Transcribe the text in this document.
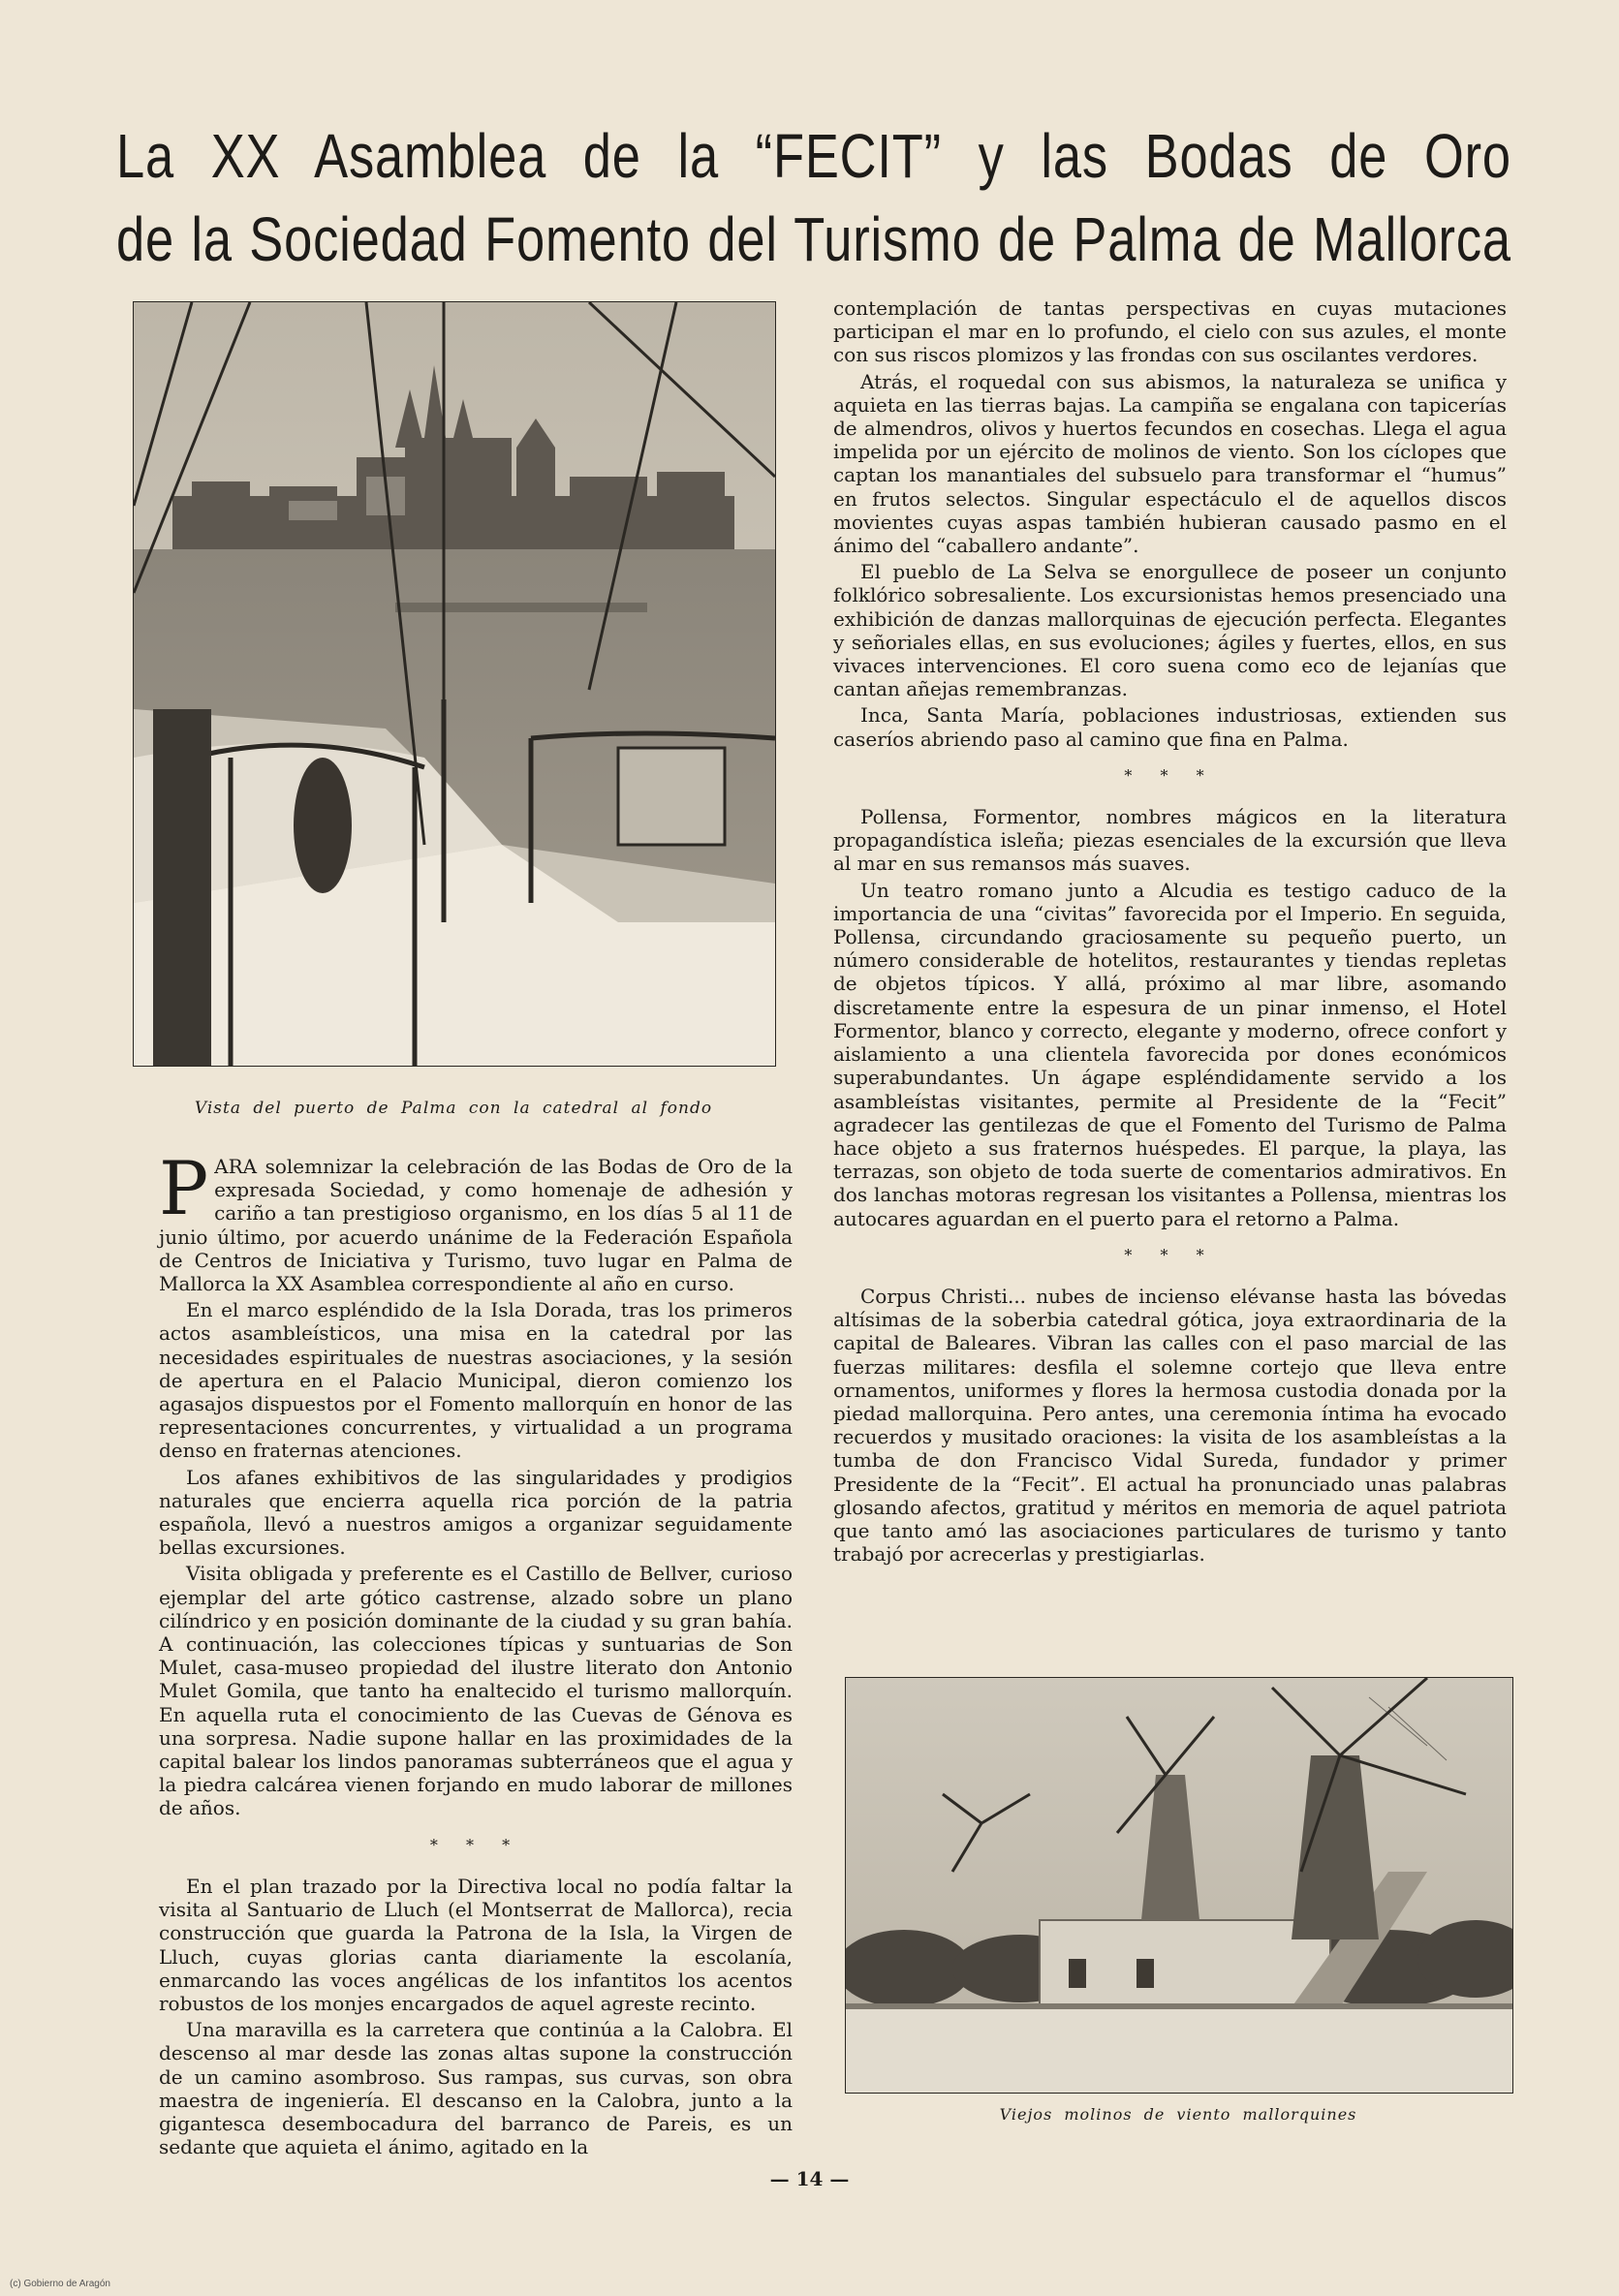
La XX Asamblea de la “FECIT” y las Bodas de Oro
de la Sociedad Fomento del Turismo de Palma de Mallorca
Vista del puerto de Palma con la catedral al fondo

PARA solemnizar la celebración de las Bodas de Oro de la expresada Sociedad, y como homenaje de adhesión y cariño a tan prestigioso organismo, en los días 5 al 11 de junio último, por acuerdo unánime de la Federación Española de Centros de Iniciativa y Turismo, tuvo lugar en Palma de Mallorca la XX Asamblea correspondiente al año en curso.

En el marco espléndido de la Isla Dorada, tras los primeros actos asambleísticos, una misa en la catedral por las necesidades espirituales de nuestras asociaciones, y la sesión de apertura en el Palacio Municipal, dieron comienzo los agasajos dispuestos por el Fomento mallorquín en honor de las representaciones concurrentes, y virtualidad a un programa denso en fraternas atenciones.

Los afanes exhibitivos de las singularidades y prodigios naturales que encierra aquella rica porción de la patria española, llevó a nuestros amigos a organizar seguidamente bellas excursiones.

Visita obligada y preferente es el Castillo de Bellver, curioso ejemplar del arte gótico castrense, alzado sobre un plano cilíndrico y en posición dominante de la ciudad y su gran bahía. A continuación, las colecciones típicas y suntuarias de Son Mulet, casa-museo propiedad del ilustre literato don Antonio Mulet Gomila, que tanto ha enaltecido el turismo mallorquín. En aquella ruta el conocimiento de las Cuevas de Génova es una sorpresa. Nadie supone hallar en las proximidades de la capital balear los lindos panoramas subterráneos que el agua y la piedra calcárea vienen forjando en mudo laborar de millones de años.

* * *

En el plan trazado por la Directiva local no podía faltar la visita al Santuario de Lluch (el Montserrat de Mallorca), recia construcción que guarda la Patrona de la Isla, la Virgen de Lluch, cuyas glorias canta diariamente la escolanía, enmarcando las voces angélicas de los infantitos los acentos robustos de los monjes encargados de aquel agreste recinto.

Una maravilla es la carretera que continúa a la Calobra. El descenso al mar desde las zonas altas supone la construcción de un camino asombroso. Sus rampas, sus curvas, son obra maestra de ingeniería. El descanso en la Calobra, junto a la gigantesca desembocadura del barranco de Pareis, es un sedante que aquieta el ánimo, agitado en la

contemplación de tantas perspectivas en cuyas mutaciones participan el mar en lo profundo, el cielo con sus azules, el monte con sus riscos plomizos y las frondas con sus oscilantes verdores.

Atrás, el roquedal con sus abismos, la naturaleza se unifica y aquieta en las tierras bajas. La campiña se engalana con tapicerías de almendros, olivos y huertos fecundos en cosechas. Llega el agua impelida por un ejército de molinos de viento. Son los cíclopes que captan los manantiales del subsuelo para transformar el “humus” en frutos selectos. Singular espectáculo el de aquellos discos movientes cuyas aspas también hubieran causado pasmo en el ánimo del “caballero andante”.

El pueblo de La Selva se enorgullece de poseer un conjunto folklórico sobresaliente. Los excursionistas hemos presenciado una exhibición de danzas mallorquinas de ejecución perfecta. Elegantes y señoriales ellas, en sus evoluciones; ágiles y fuertes, ellos, en sus vivaces intervenciones. El coro suena como eco de lejanías que cantan añejas remembranzas.

Inca, Santa María, poblaciones industriosas, extienden sus caseríos abriendo paso al camino que fina en Palma.

* * *

Pollensa, Formentor, nombres mágicos en la literatura propagandística isleña; piezas esenciales de la excursión que lleva al mar en sus remansos más suaves.

Un teatro romano junto a Alcudia es testigo caduco de la importancia de una “civitas” favorecida por el Imperio. En seguida, Pollensa, circundando graciosamente su pequeño puerto, un número considerable de hotelitos, restaurantes y tiendas repletas de objetos típicos. Y allá, próximo al mar libre, asomando discretamente entre la espesura de un pinar inmenso, el Hotel Formentor, blanco y correcto, elegante y moderno, ofrece confort y aislamiento a una clientela favorecida por dones económicos superabundantes. Un ágape espléndidamente servido a los asambleístas visitantes, permite al Presidente de la “Fecit” agradecer las gentilezas de que el Fomento del Turismo de Palma hace objeto a sus fraternos huéspedes. El parque, la playa, las terrazas, son objeto de toda suerte de comentarios admirativos. En dos lanchas motoras regresan los visitantes a Pollensa, mientras los autocares aguardan en el puerto para el retorno a Palma.

* * *

Corpus Christi... nubes de incienso elévanse hasta las bóvedas altísimas de la soberbia catedral gótica, joya extraordinaria de la capital de Baleares. Vibran las calles con el paso marcial de las fuerzas militares: desfila el solemne cortejo que lleva entre ornamentos, uniformes y flores la hermosa custodia donada por la piedad mallorquina. Pero antes, una ceremonia íntima ha evocado recuerdos y musitado oraciones: la visita de los asambleístas a la tumba de don Francisco Vidal Sureda, fundador y primer Presidente de la “Fecit”. El actual ha pronunciado unas palabras glosando afectos, gratitud y méritos en memoria de aquel patriota que tanto amó las asociaciones particulares de turismo y tanto trabajó por acrecerlas y prestigiarlas.

Viejos molinos de viento mallorquines
— 14 —
(c) Gobierno de Aragón
